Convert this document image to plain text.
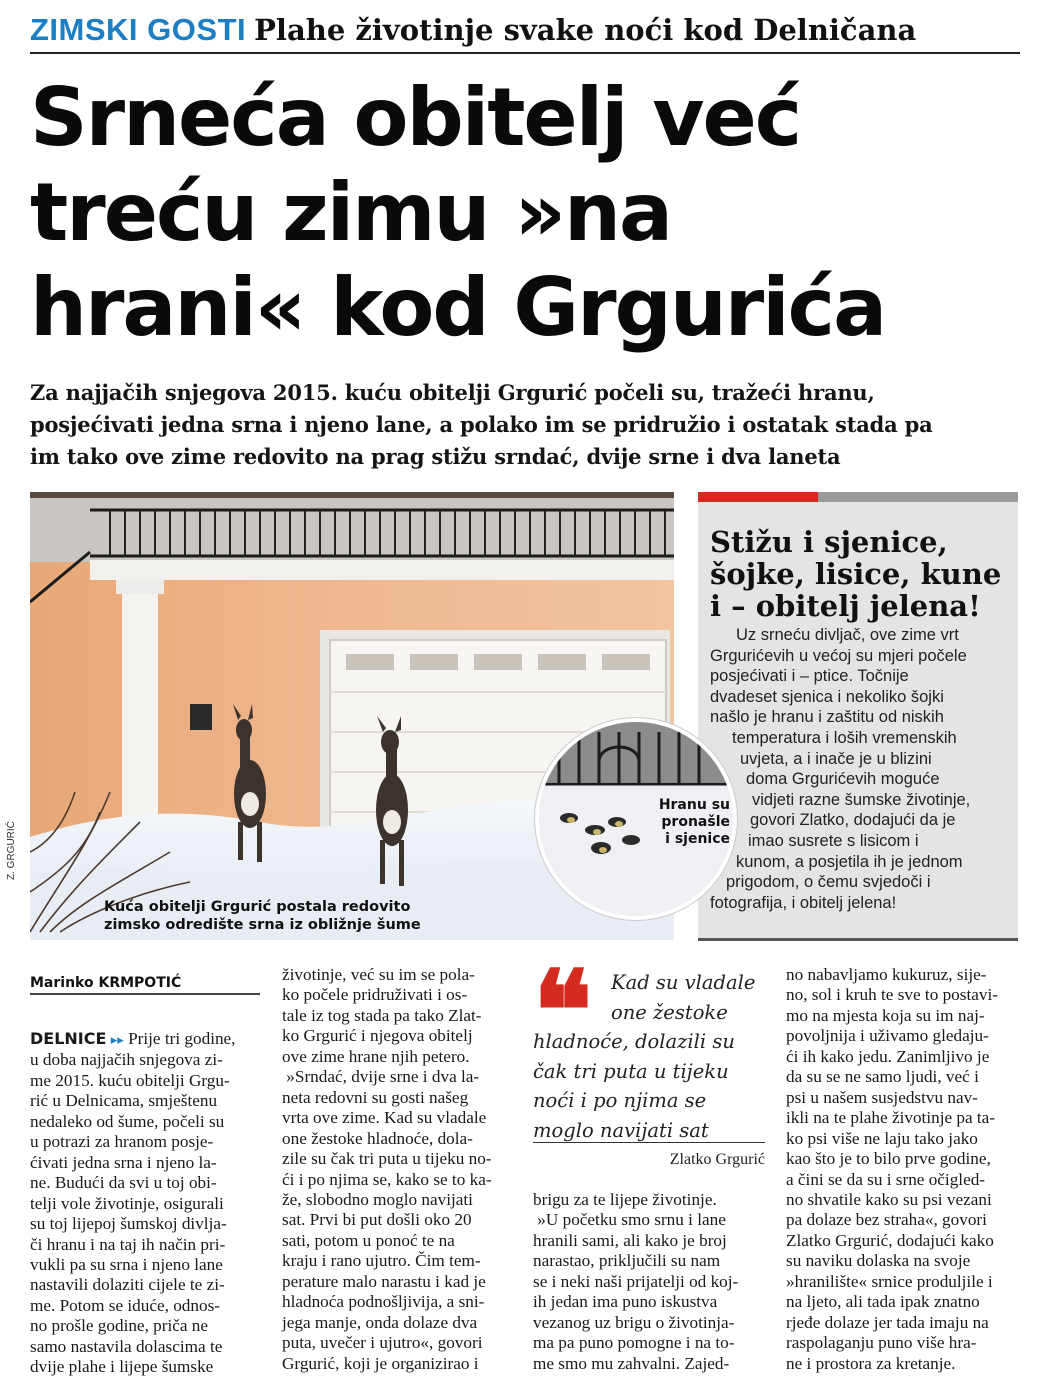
ZIMSKI GOSTI Plahe životinje svake noći kod Delničana
Srneća obitelj već
treću zimu »na
hrani« kod Grgurića

Za najjačih snjegova 2015. kuću obitelji Grgurić počeli su, tražeći hranu,
posjećivati jedna srna i njeno lane, a polako im se pridružio i ostatak stada pa
im tako ove zime redovito na prag stižu srndać, dvije srne i dva laneta

Kuća obitelji Grgurić postala redovito
zimsko odredište srna iz obližnje šume
Z. GRGURIĆ
Stižu i sjenice,
šojke, lisice, kune
i – obitelj jelena!
Uz srneću divljač, ove zime vrt
Grgurićevih u većoj su mjeri počele
posjećivati i – ptice. Točnije
dvadeset sjenica i nekoliko šojki
našlo je hranu i zaštitu od niskih
temperatura i loših vremenskih
uvjeta, a i inače je u blizini
doma Grgurićevih moguće
vidjeti razne šumske životinje,
govori Zlatko, dodajući da je
imao susrete s lisicom i
kunom, a posjetila ih je jednom
prigodom, o čemu svjedoči i
fotografija, i obitelj jelena!
Hranu su
pronašle
i sjenice
Marinko KRMPOTIĆ

DELNICE ▸▸ Prije tri godine,
u doba najjačih snjegova zi-
me 2015. kuću obitelji Grgu-
rić u Delnicama, smještenu
nedaleko od šume, počeli su
u potrazi za hranom posje-
ćivati jedna srna i njeno la-
ne. Budući da svi u toj obi-
telji vole životinje, osigurali
su toj lijepoj šumskoj divlja-
či hranu i na taj ih način pri-
vukli pa su srna i njeno lane
nastavili dolaziti cijele te zi-
me. Potom se iduće, odnos-
no prošle godine, priča ne
samo nastavila dolascima te
dvije plahe i lijepe šumske

životinje, već su im se pola-
ko počele pridruživati i os-
tale iz tog stada pa tako Zlat-
ko Grgurić i njegova obitelj
ove zime hrane njih petero.
»Srndać, dvije srne i dva la-
neta redovni su gosti našeg
vrta ove zime. Kad su vladale
one žestoke hladnoće, dola-
zile su čak tri puta u tijeku no-
ći i po njima se, kako se to ka-
že, slobodno moglo navijati
sat. Prvi bi put došli oko 20
sati, potom u ponoć te na
kraju i rano ujutro. Čim tem-
perature malo narastu i kad je
hladnoća podnošljivija, a sni-
jega manje, onda dolaze dva
puta, uvečer i ujutro«, govori
Grgurić, koji je organizirao i

❝ Kad su vladale
one žestoke
hladnoće, dolazili su
čak tri puta u tijeku
noći i po njima se
moglo navijati sat
Zlatko Grgurić
brigu za te lijepe životinje.
»U početku smo srnu i lane
hranili sami, ali kako je broj
narastao, priključili su nam
se i neki naši prijatelji od koj-
ih jedan ima puno iskustva
vezanog uz brigu o životinja-
ma pa puno pomogne i na to-
me smo mu zahvalni. Zajed-

no nabavljamo kukuruz, sije-
no, sol i kruh te sve to postavi-
mo na mjesta koja su im naj-
povoljnija i uživamo gledaju-
ći ih kako jedu. Zanimljivo je
da su se ne samo ljudi, već i
psi u našem susjedstvu nav-
ikli na te plahe životinje pa ta-
ko psi više ne laju tako jako
kao što je to bilo prve godine,
a čini se da su i srne očigled-
no shvatile kako su psi vezani
pa dolaze bez straha«, govori
Zlatko Grgurić, dodajući kako
su naviku dolaska na svoje
»hranilište« srnice produljile i
na ljeto, ali tada ipak znatno
rjeđe dolaze jer tada imaju na
raspolaganju puno više hra-
ne i prostora za kretanje.
